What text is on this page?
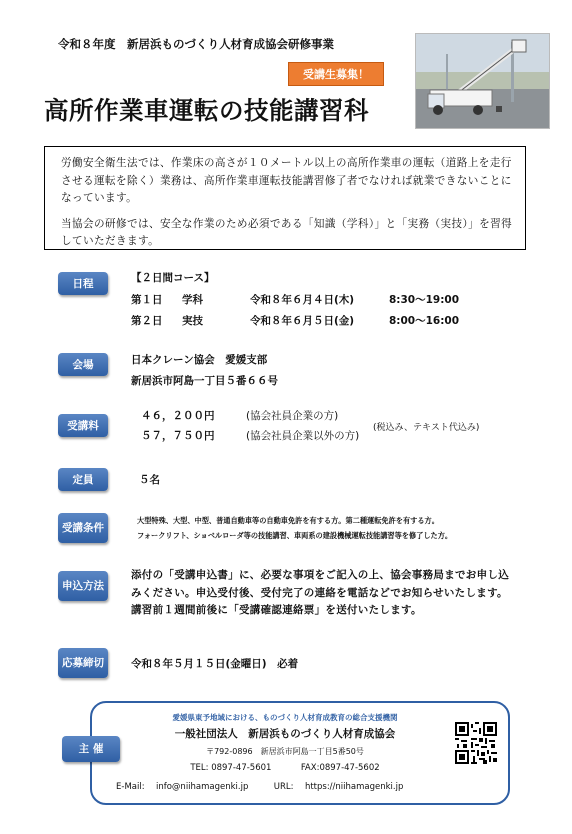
令和８年度　新居浜ものづくり人材育成協会研修事業
受講生募集！
高所作業車運転の技能講習科

労働安全衛生法では、作業床の高さが１０メートル以上の高所作業車の運転（道路上を走行させる運転を除く）業務は、高所作業車運転技能講習修了者でなければ就業できないことになっています。

当協会の研修では、安全な作業のため必須である「知識（学科）」と「実務（実技）」を習得していただきます。

日程	【２日間コース】
第１日	学科	令和８年６月４日(木)	8:30～19:00
第２日	実技	令和８年６月５日(金)	8:00～16:00
会場	日本クレーン協会　愛媛支部
新居浜市阿島一丁目５番６６号
受講料
４６，２００円	(協会社員企業の方)
５７，７５０円	(協会社員企業以外の方)
(税込み、テキスト代込み)
定員	５名
受講 条件
大型特殊、大型、中型、普通自動車等の自動車免許を有する方。第二種運転免許を有する方。
フォークリフト、ショベルローダ等の技能講習、車両系の建設機械運転技能講習等を修了した方。
申込 方法
添付の「受講申込書」に、必要な事項をご記入の上、協会事務局までお申し込みください。申込受付後、受付完了の連絡を電話などでお知らせいたします。講習前１週間前後に「受講確認連絡票」を送付いたします。
応募 締切	令和８年５月１５日(金曜日)　必着
主 催
愛媛県東予地域における、ものづくり人材育成教育の総合支援機関
一般社団法人　新居浜ものづくり人材育成協会
〒792-0896　新居浜市阿島一丁目5番50号
TEL: 0897-47-5601	FAX:0897-47-5602
E-Mail: info@niihamagenki.jp	URL: https://niihamagenki.jp
